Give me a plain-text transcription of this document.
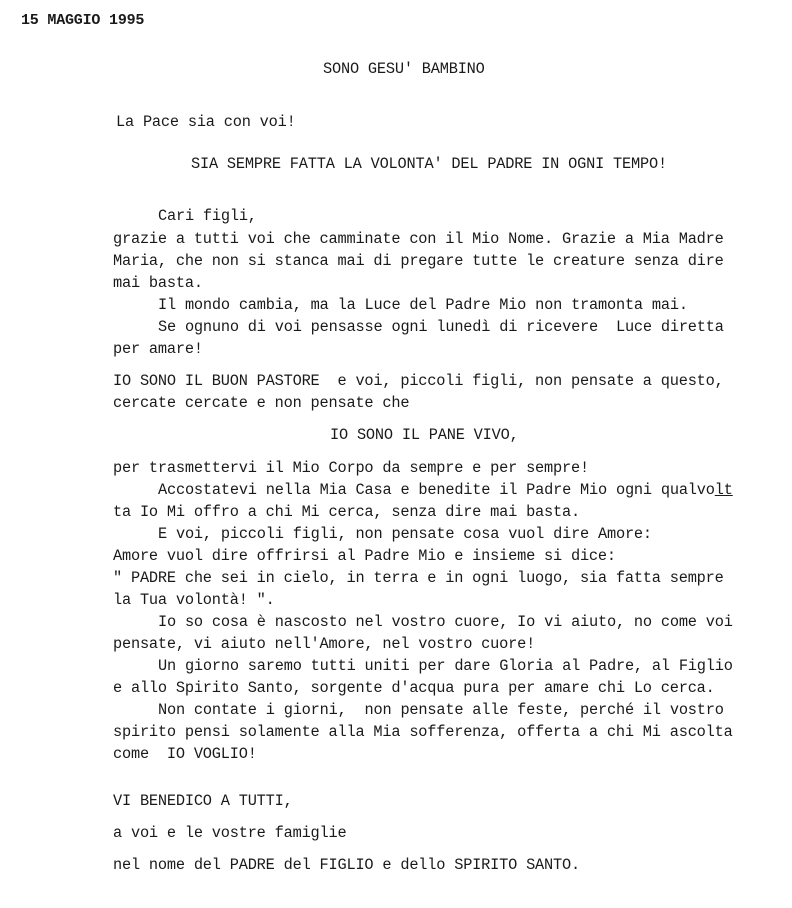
15 MAGGIO 1995
SONO GESU' BAMBINO
La Pace sia con voi!
SIA SEMPRE FATTA LA VOLONTA' DEL PADRE IN OGNI TEMPO!
Cari figli,
grazie a tutti voi che camminate con il Mio Nome. Grazie a Mia Madre
Maria, che non si stanca mai di pregare tutte le creature senza dire
mai basta.
Il mondo cambia, ma la Luce del Padre Mio non tramonta mai.
Se ognuno di voi pensasse ogni lunedì di ricevere  Luce diretta
per amare!
IO SONO IL BUON PASTORE  e voi, piccoli figli, non pensate a questo,
cercate cercate e non pensate che
IO SONO IL PANE VIVO,
per trasmettervi il Mio Corpo da sempre e per sempre!
Accostatevi nella Mia Casa e benedite il Padre Mio ogni qualvolt
ta Io Mi offro a chi Mi cerca, senza dire mai basta.
E voi, piccoli figli, non pensate cosa vuol dire Amore:
Amore vuol dire offrirsi al Padre Mio e insieme si dice:
" PADRE che sei in cielo, in terra e in ogni luogo, sia fatta sempre
la Tua volontà! ".
Io so cosa è nascosto nel vostro cuore, Io vi aiuto, no come voi
pensate, vi aiuto nell'Amore, nel vostro cuore!
Un giorno saremo tutti uniti per dare Gloria al Padre, al Figlio
e allo Spirito Santo, sorgente d'acqua pura per amare chi Lo cerca.
Non contate i giorni,  non pensate alle feste, perché il vostro
spirito pensi solamente alla Mia sofferenza, offerta a chi Mi ascolta
come  IO VOGLIO!
VI BENEDICO A TUTTI,
a voi e le vostre famiglie
nel nome del PADRE del FIGLIO e dello SPIRITO SANTO.
